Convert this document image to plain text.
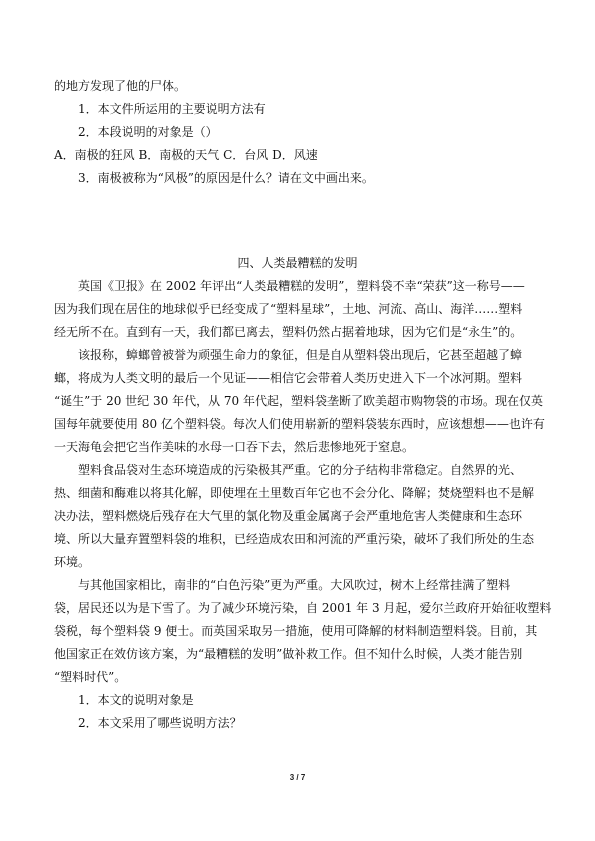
的地方发现了他的尸体。
1．本文件所运用的主要说明方法有
2．本段说明的对象是（）
A．南极的狂风 B．南极的天气 C．台风 D．风速
3．南极被称为“风极”的原因是什么？请在文中画出来。
四、人类最糟糕的发明
英国《卫报》在 2002 年评出“人类最糟糕的发明”，塑料袋不幸“荣获”这一称号——
因为我们现在居住的地球似乎已经变成了“塑料星球”，土地、河流、高山、海洋……塑料
经无所不在。直到有一天，我们都已离去，塑料仍然占据着地球，因为它们是“永生”的。
该报称，蟑螂曾被誉为顽强生命力的象征，但是自从塑料袋出现后，它甚至超越了蟑
螂，将成为人类文明的最后一个见证——相信它会带着人类历史进入下一个冰河期。塑料
“诞生”于 20 世纪 30 年代，从 70 年代起，塑料袋垄断了欧美超市购物袋的市场。现在仅英
国每年就要使用 80 亿个塑料袋。每次人们使用崭新的塑料袋装东西时，应该想想——也许有
一天海龟会把它当作美味的水母一口吞下去，然后悲惨地死于窒息。
塑料食品袋对生态环境造成的污染极其严重。它的分子结构非常稳定。自然界的光、
热、细菌和酶难以将其化解，即使埋在土里数百年它也不会分化、降解；焚烧塑料也不是解
决办法，塑料燃烧后残存在大气里的氯化物及重金属离子会严重地危害人类健康和生态环
境、所以大量弃置塑料袋的堆积，已经造成农田和河流的严重污染，破坏了我们所处的生态
环境。
与其他国家相比，南非的“白色污染”更为严重。大风吹过，树木上经常挂满了塑料
袋，居民还以为是下雪了。为了减少环境污染，自 2001 年 3 月起，爱尔兰政府开始征收塑料
袋税，每个塑料袋 9 便士。而英国采取另一措施，使用可降解的材料制造塑料袋。目前，其
他国家正在效仿该方案，为“最糟糕的发明”做补救工作。但不知什么时候，人类才能告别
“塑料时代”。
1．本文的说明对象是
2．本文采用了哪些说明方法？
3 / 7
